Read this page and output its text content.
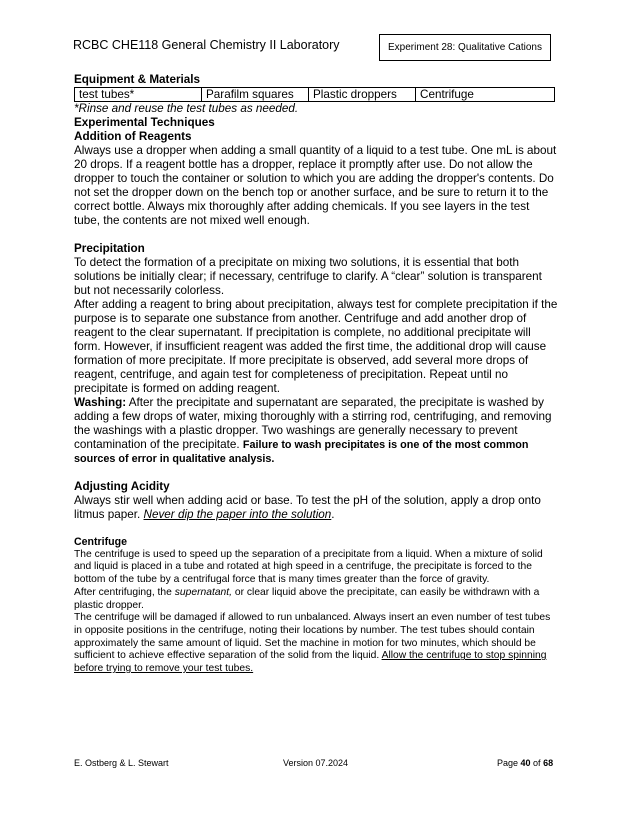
RCBC CHE118 General Chemistry II Laboratory	Experiment 28: Qualitative Cations
Equipment & Materials
test tubes*	Parafilm squares	Plastic droppers	Centrifuge

*Rinse and reuse the test tubes as needed.

Experimental Techniques
Addition of Reagents

Always use a dropper when adding a small quantity of a liquid to a test tube. One mL is about 20 drops. If a reagent bottle has a dropper, replace it promptly after use. Do not allow the dropper to touch the container or solution to which you are adding the dropper's contents. Do not set the dropper down on the bench top or another surface, and be sure to return it to the correct bottle. Always mix thoroughly after adding chemicals. If you see layers in the test tube, the contents are not mixed well enough.

Precipitation

To detect the formation of a precipitate on mixing two solutions, it is essential that both solutions be initially clear; if necessary, centrifuge to clarify. A “clear” solution is transparent but not necessarily colorless.

After adding a reagent to bring about precipitation, always test for complete precipitation if the purpose is to separate one substance from another. Centrifuge and add another drop of reagent to the clear supernatant. If precipitation is complete, no additional precipitate will form. However, if insufficient reagent was added the first time, the additional drop will cause formation of more precipitate. If more precipitate is observed, add several more drops of reagent, centrifuge, and again test for completeness of precipitation. Repeat until no precipitate is formed on adding reagent.

Washing: After the precipitate and supernatant are separated, the precipitate is washed by adding a few drops of water, mixing thoroughly with a stirring rod, centrifuging, and removing the washings with a plastic dropper. Two washings are generally necessary to prevent contamination of the precipitate. Failure to wash precipitates is one of the most common sources of error in qualitative analysis.

Adjusting Acidity

Always stir well when adding acid or base. To test the pH of the solution, apply a drop onto litmus paper. Never dip the paper into the solution.

Centrifuge

The centrifuge is used to speed up the separation of a precipitate from a liquid. When a mixture of solid and liquid is placed in a tube and rotated at high speed in a centrifuge, the precipitate is forced to the bottom of the tube by a centrifugal force that is many times greater than the force of gravity.

After centrifuging, the supernatant, or clear liquid above the precipitate, can easily be withdrawn with a plastic dropper.

The centrifuge will be damaged if allowed to run unbalanced. Always insert an even number of test tubes in opposite positions in the centrifuge, noting their locations by number. The test tubes should contain approximately the same amount of liquid. Set the machine in motion for two minutes, which should be sufficient to achieve effective separation of the solid from the liquid. Allow the centrifuge to stop spinning before trying to remove your test tubes.

E. Ostberg & L. Stewart	Version 07.2024	Page 40 of 68
